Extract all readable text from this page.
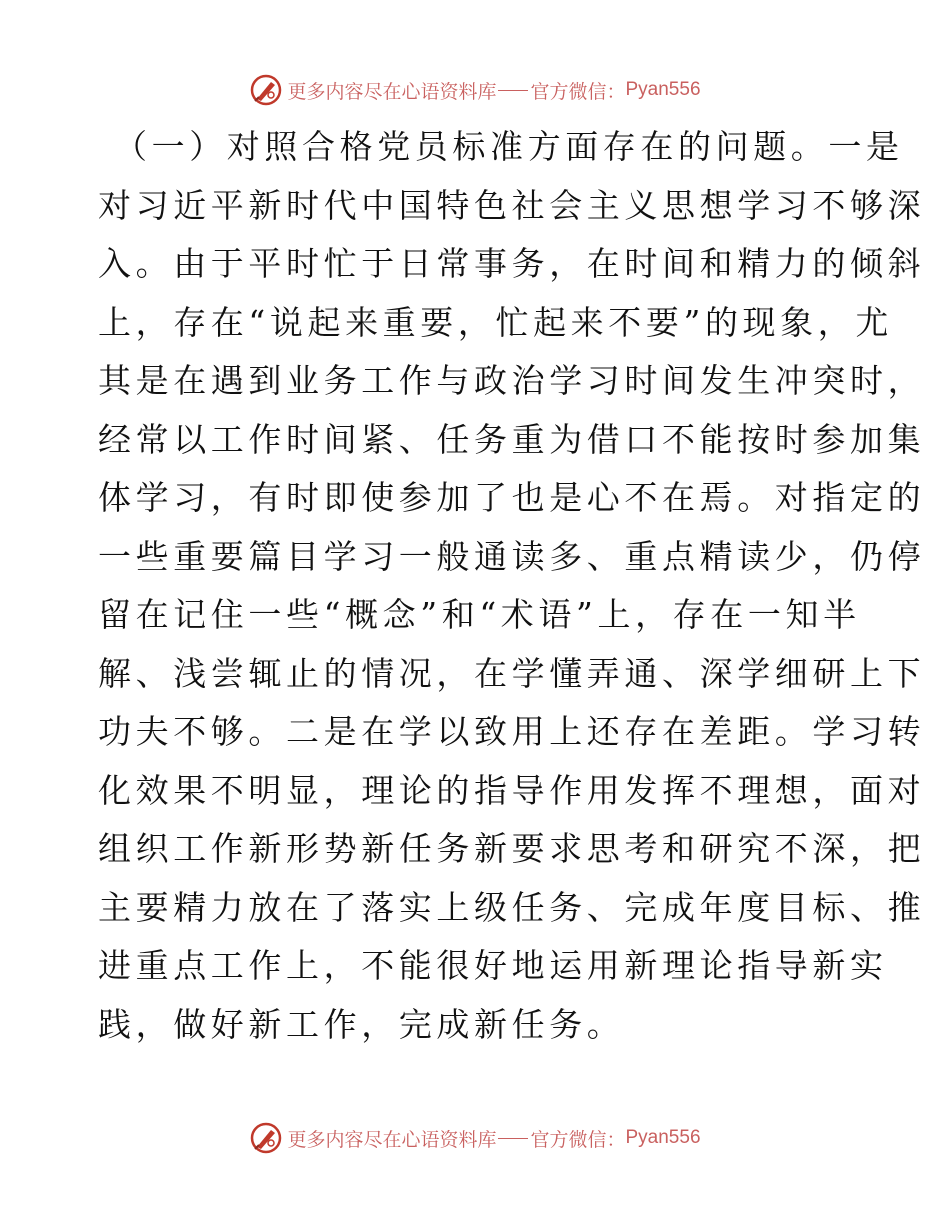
更多内容尽在心语资料库 官方微信： Pyan556
（一）对照合格党员标准方面存在的问题。一是
对习近平新时代中国特色社会主义思想学习不够深
入。由于平时忙于日常事务，在时间和精力的倾斜
上，存在“说起来重要，忙起来不要”的现象，尤
其是在遇到业务工作与政治学习时间发生冲突时，
经常以工作时间紧、任务重为借口不能按时参加集
体学习，有时即使参加了也是心不在焉。对指定的
一些重要篇目学习一般通读多、重点精读少，仍停
留在记住一些“概念”和“术语”上，存在一知半
解、浅尝辄止的情况，在学懂弄通、深学细研上下
功夫不够。二是在学以致用上还存在差距。学习转
化效果不明显，理论的指导作用发挥不理想，面对
组织工作新形势新任务新要求思考和研究不深，把
主要精力放在了落实上级任务、完成年度目标、推
进重点工作上，不能很好地运用新理论指导新实
践，做好新工作，完成新任务。
更多内容尽在心语资料库 官方微信： Pyan556
